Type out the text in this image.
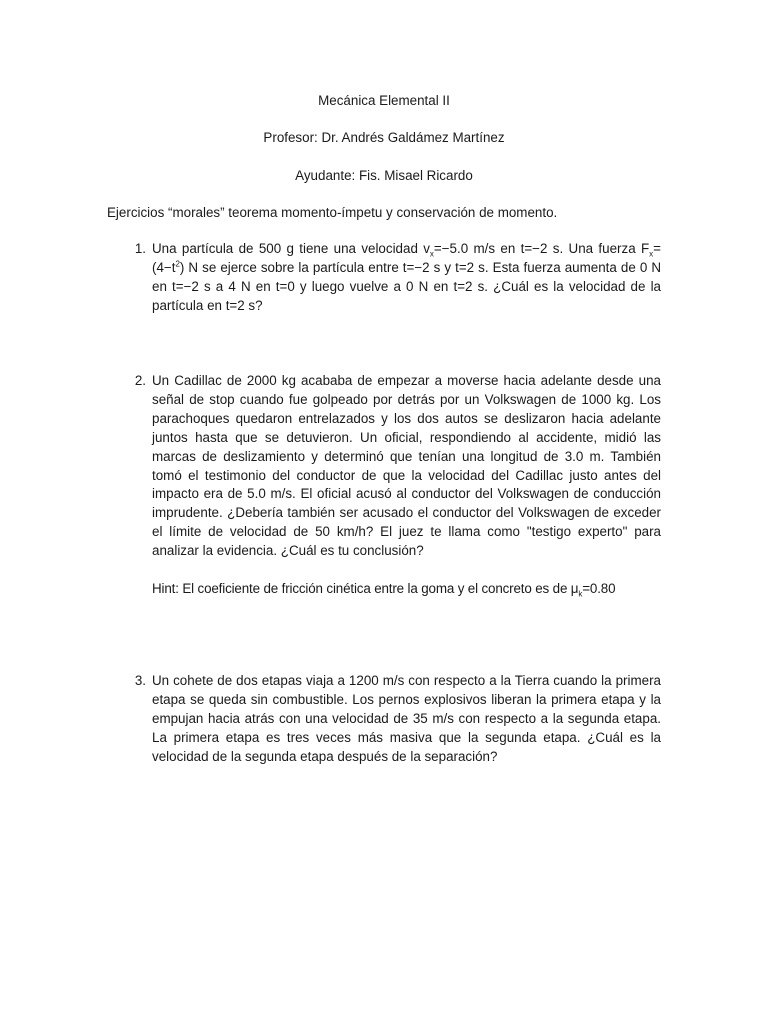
Mecánica Elemental II

Profesor: Dr. Andrés Galdámez Martínez

Ayudante: Fis. Misael Ricardo

Ejercicios “morales” teorema momento-ímpetu y conservación de momento.

1. Una partícula de 500 g tiene una velocidad $v_x=-5.0$ m/s en t=−2 s. Una fuerza $F_x=(4-t^2)$ N se ejerce sobre la partícula entre t=−2 s y t=2 s. Esta fuerza aumenta de 0 N en t=−2 s a 4 N en t=0 y luego vuelve a 0 N en t=2 s. ¿Cuál es la velocidad de la partícula en t=2 s?

2. Un Cadillac de 2000 kg acababa de empezar a moverse hacia adelante desde una señal de stop cuando fue golpeado por detrás por un Volkswagen de 1000 kg. Los parachoques quedaron entrelazados y los dos autos se deslizaron hacia adelante juntos hasta que se detuvieron. Un oficial, respondiendo al accidente, midió las marcas de deslizamiento y determinó que tenían una longitud de 3.0 m. También tomó el testimonio del conductor de que la velocidad del Cadillac justo antes del impacto era de 5.0 m/s. El oficial acusó al conductor del Volkswagen de conducción imprudente. ¿Debería también ser acusado el conductor del Volkswagen de exceder el límite de velocidad de 50 km/h? El juez te llama como "testigo experto" para analizar la evidencia. ¿Cuál es tu conclusión?

Hint: El coeficiente de fricción cinética entre la goma y el concreto es de $\mu_k=0.80$

3. Un cohete de dos etapas viaja a 1200 m/s con respecto a la Tierra cuando la primera etapa se queda sin combustible. Los pernos explosivos liberan la primera etapa y la empujan hacia atrás con una velocidad de 35 m/s con respecto a la segunda etapa. La primera etapa es tres veces más masiva que la segunda etapa. ¿Cuál es la velocidad de la segunda etapa después de la separación?
